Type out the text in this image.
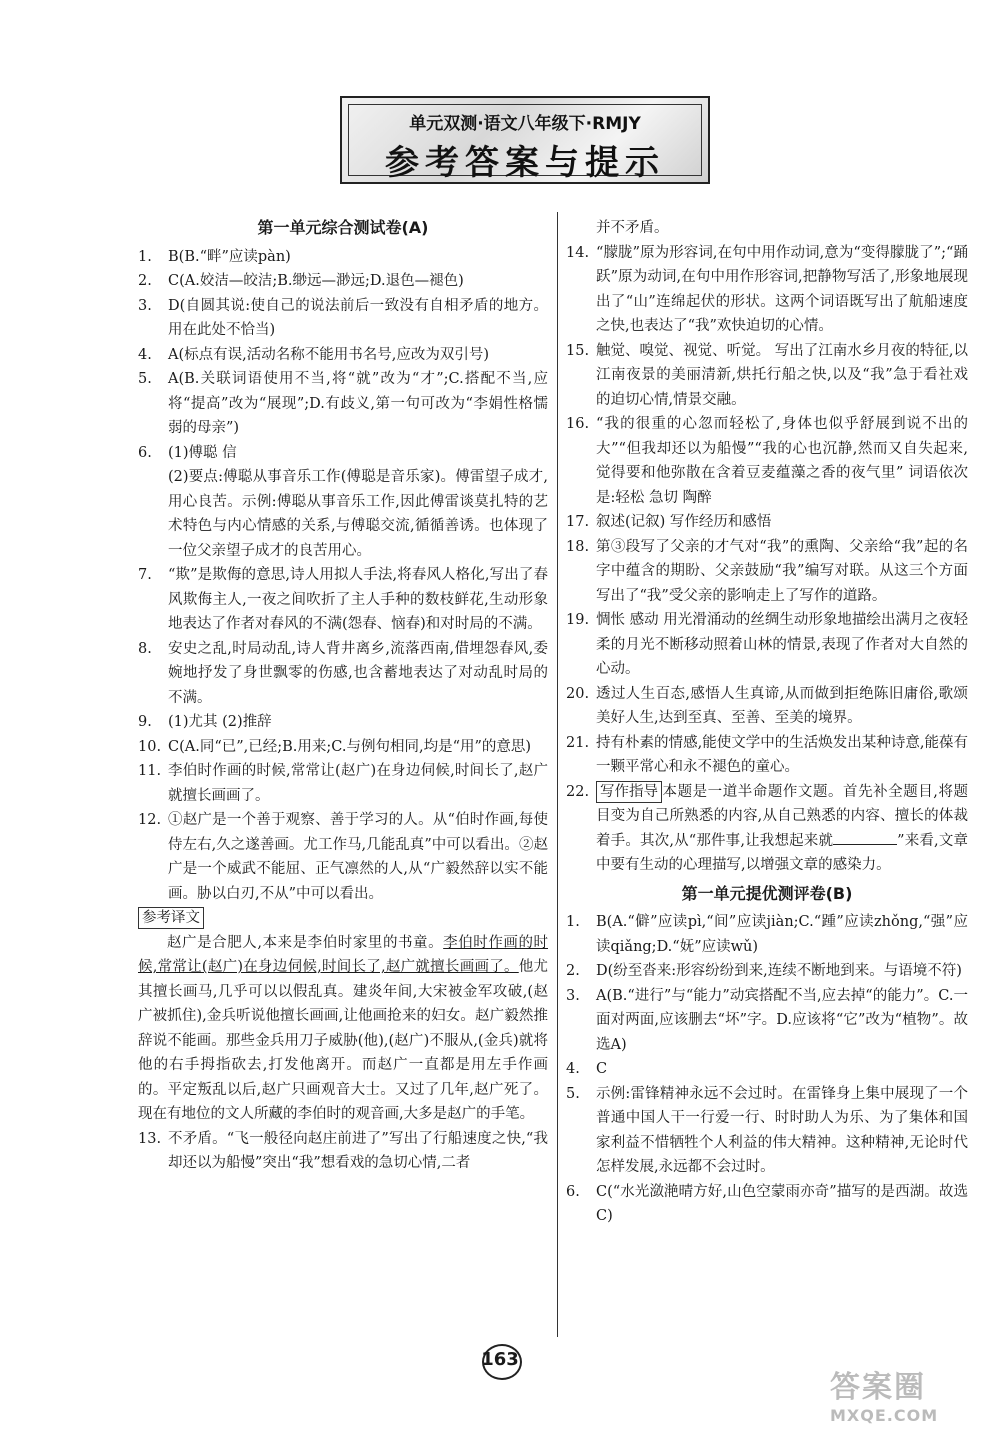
单元双测·语文八年级下·RMJY
参考答案与提示
第一单元综合测试卷(A)
1. B(B.“畔”应读pàn)
2. C(A.姣洁—皎洁;B.缈远—渺远;D.退色—褪色)
3. D(自圆其说:使自己的说法前后一致没有自相矛盾的地方。用在此处不恰当)
4. A(标点有误,活动名称不能用书名号,应改为双引号)
5. A(B.关联词语使用不当,将“就”改为“才”;C.搭配不当,应将“提高”改为“展现”;D.有歧义,第一句可改为“李娟性格懦弱的母亲”)
6. (1)傅聪 信
(2)要点:傅聪从事音乐工作(傅聪是音乐家)。傅雷望子成才,用心良苦。示例:傅聪从事音乐工作,因此傅雷谈莫扎特的艺术特色与内心情感的关系,与傅聪交流,循循善诱。也体现了一位父亲望子成才的良苦用心。
7. “欺”是欺侮的意思,诗人用拟人手法,将春风人格化,写出了春风欺侮主人,一夜之间吹折了主人手种的数枝鲜花,生动形象地表达了作者对春风的不满(怨春、恼春)和对时局的不满。
8. 安史之乱,时局动乱,诗人背井离乡,流落西南,借埋怨春风,委婉地抒发了身世飘零的伤感,也含蓄地表达了对动乱时局的不满。
9. (1)尤其 (2)推辞
10. C(A.同“已”,已经;B.用来;C.与例句相同,均是“用”的意思)
11. 李伯时作画的时候,常常让(赵广)在身边伺候,时间长了,赵广就擅长画画了。
12. ①赵广是一个善于观察、善于学习的人。从“伯时作画,每使侍左右,久之遂善画。尤工作马,几能乱真”中可以看出。②赵广是一个威武不能屈、正气凛然的人,从“广毅然辞以实不能画。胁以白刃,不从”中可以看出。
参考译文
赵广是合肥人,本来是李伯时家里的书童。李伯时作画的时候,常常让(赵广)在身边伺候,时间长了,赵广就擅长画画了。他尤其擅长画马,几乎可以以假乱真。建炎年间,大宋被金军攻破,(赵广被抓住),金兵听说他擅长画画,让他画抢来的妇女。赵广毅然推辞说不能画。那些金兵用刀子威胁(他),(赵广)不服从,(金兵)就将他的右手拇指砍去,打发他离开。而赵广一直都是用左手作画的。平定叛乱以后,赵广只画观音大士。又过了几年,赵广死了。现在有地位的文人所藏的李伯时的观音画,大多是赵广的手笔。
13. 不矛盾。“飞一般径向赵庄前进了”写出了行船速度之快,“我却还以为船慢”突出“我”想看戏的急切心情,二者
并不矛盾。
14. “朦胧”原为形容词,在句中用作动词,意为“变得朦胧了”;“踊跃”原为动词,在句中用作形容词,把静物写活了,形象地展现出了“山”连绵起伏的形状。这两个词语既写出了航船速度之快,也表达了“我”欢快迫切的心情。
15. 触觉、嗅觉、视觉、听觉。 写出了江南水乡月夜的特征,以江南夜景的美丽清新,烘托行船之快,以及“我”急于看社戏的迫切心情,情景交融。
16. “我的很重的心忽而轻松了,身体也似乎舒展到说不出的大”“但我却还以为船慢”“我的心也沉静,然而又自失起来,觉得要和他弥散在含着豆麦蕴藻之香的夜气里” 词语依次是:轻松 急切 陶醉
17. 叙述(记叙) 写作经历和感悟
18. 第③段写了父亲的才气对“我”的熏陶、父亲给“我”起的名字中蕴含的期盼、父亲鼓励“我”编写对联。从这三个方面写出了“我”受父亲的影响走上了写作的道路。
19. 惆怅 感动 用光滑涌动的丝绸生动形象地描绘出满月之夜轻柔的月光不断移动照着山林的情景,表现了作者对大自然的心动。
20. 透过人生百态,感悟人生真谛,从而做到拒绝陈旧庸俗,歌颂美好人生,达到至真、至善、至美的境界。
21. 持有朴素的情感,能使文学中的生活焕发出某种诗意,能葆有一颗平常心和永不褪色的童心。
22. 写作指导 本题是一道半命题作文题。首先补全题目,将题目变为自己所熟悉的内容,从自己熟悉的内容、擅长的体裁着手。其次,从“那件事,让我想起来就	”来看,文章中要有生动的心理描写,以增强文章的感染力。
第一单元提优测评卷(B)
1. B(A.“僻”应读pì,“间”应读jiàn;C.“踵”应读zhǒng,“强”应读qiǎng;D.“妩”应读wǔ)
2. D(纷至沓来:形容纷纷到来,连续不断地到来。与语境不符)
3. A(B.“进行”与“能力”动宾搭配不当,应去掉“的能力”。C.一面对两面,应该删去“坏”字。D.应该将“它”改为“植物”。故选A)
4. C
5. 示例:雷锋精神永远不会过时。在雷锋身上集中展现了一个普通中国人干一行爱一行、时时助人为乐、为了集体和国家利益不惜牺牲个人利益的伟大精神。这种精神,无论时代怎样发展,永远都不会过时。
6. C(“水光潋滟晴方好,山色空蒙雨亦奇”描写的是西湖。故选C)
163
答案圈
MXQE.COM
